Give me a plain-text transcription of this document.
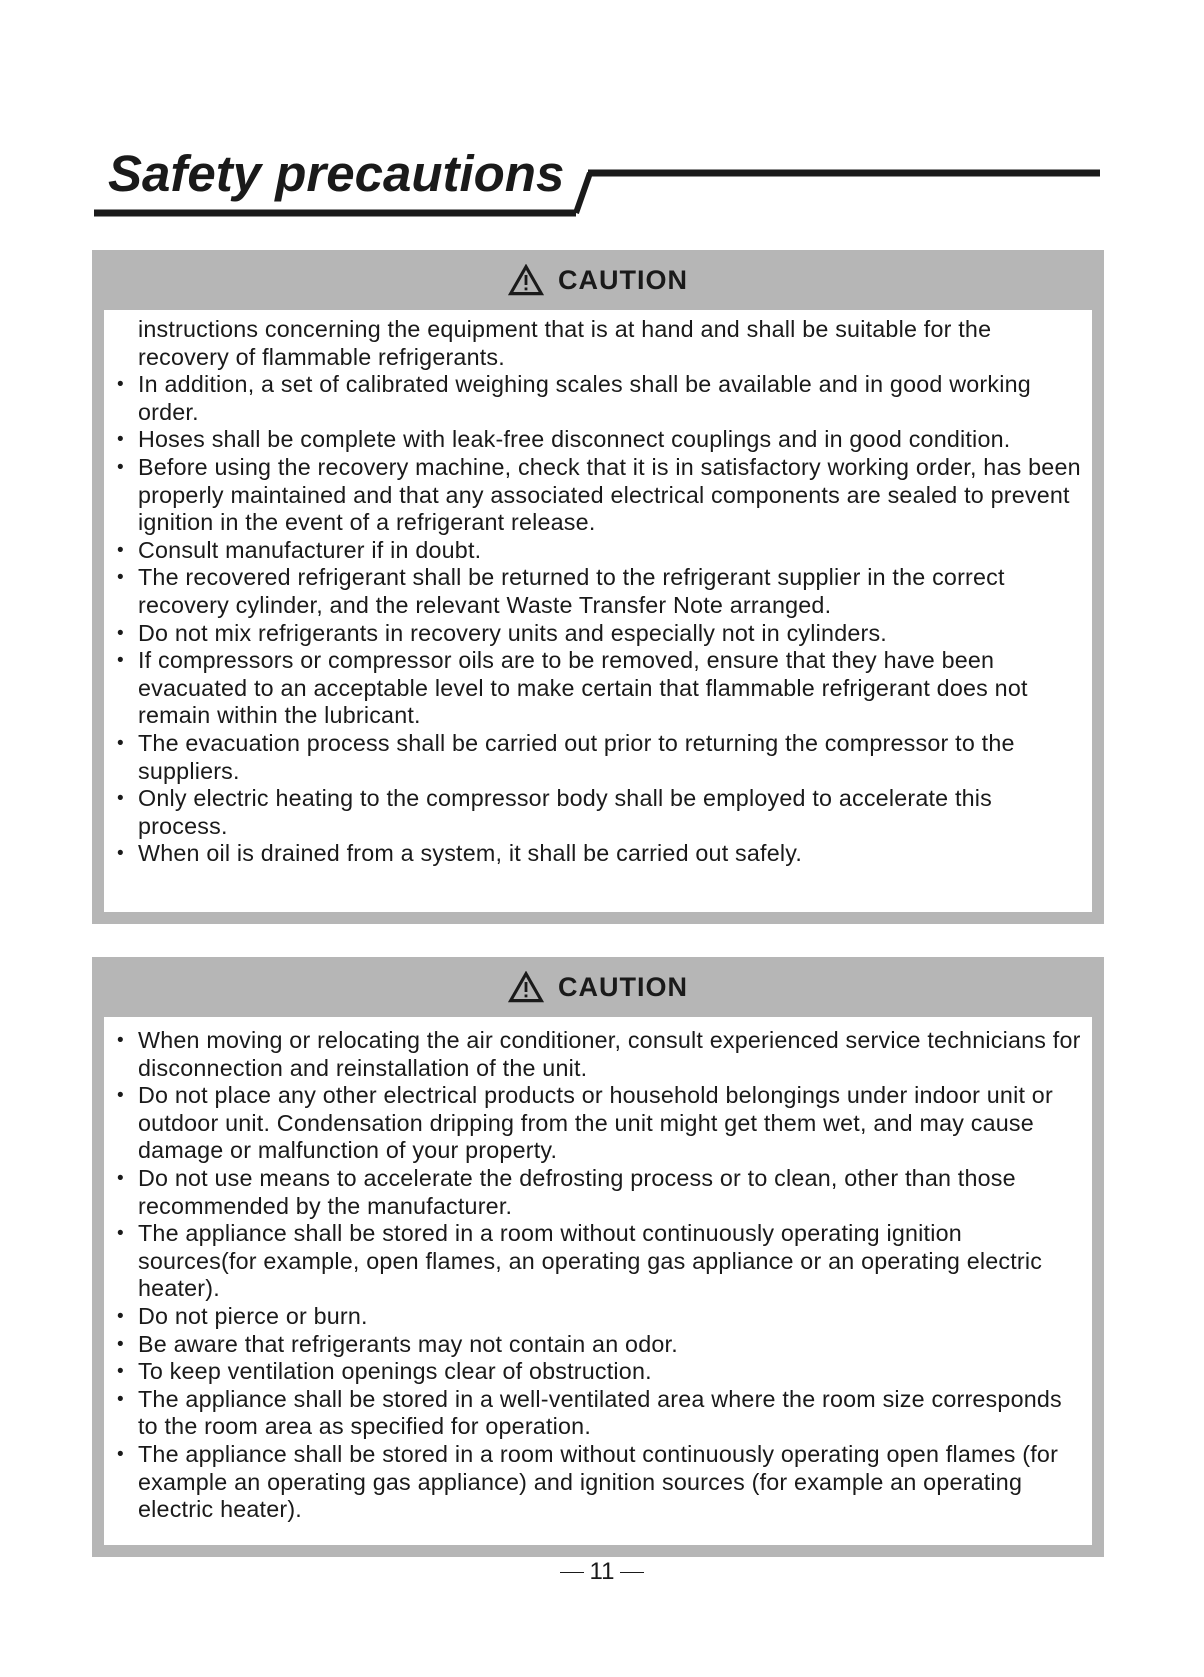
Safety precautions
CAUTION
instructions concerning the equipment that is at hand and shall be suitable for the recovery of flammable refrigerants.
• In addition, a set of calibrated weighing scales shall be available and in good working order.
• Hoses shall be complete with leak-free disconnect couplings and in good condition.
• Before using the recovery machine, check that it is in satisfactory working order, has been properly maintained and that any associated electrical components are sealed to prevent ignition in the event of a refrigerant release.
• Consult manufacturer if in doubt.
• The recovered refrigerant shall be returned to the refrigerant supplier in the correct recovery cylinder, and the relevant Waste Transfer Note arranged.
• Do not mix refrigerants in recovery units and especially not in cylinders.
• If compressors or compressor oils are to be removed, ensure that they have been evacuated to an acceptable level to make certain that flammable refrigerant does not remain within the lubricant.
• The evacuation process shall be carried out prior to returning the compressor to the suppliers.
• Only electric heating to the compressor body shall be employed to accelerate this process.
• When oil is drained from a system, it shall be carried out safely.
CAUTION
• When moving or relocating the air conditioner, consult experienced service technicians for disconnection and reinstallation of the unit.
• Do not place any other electrical products or household belongings under indoor unit or outdoor unit. Condensation dripping from the unit might get them wet, and may cause damage or malfunction of your property.
• Do not use means to accelerate the defrosting process or to clean, other than those recommended by the manufacturer.
• The appliance shall be stored in a room without continuously operating ignition sources(for example, open flames, an operating gas appliance or an operating electric heater).
• Do not pierce or burn.
• Be aware that refrigerants may not contain an odor.
• To keep ventilation openings clear of obstruction.
• The appliance shall be stored in a well-ventilated area where the room size corresponds to the room area as specified for operation.
• The appliance shall be stored in a room without continuously operating open flames (for example an operating gas appliance) and ignition sources (for example an operating electric heater).
11
